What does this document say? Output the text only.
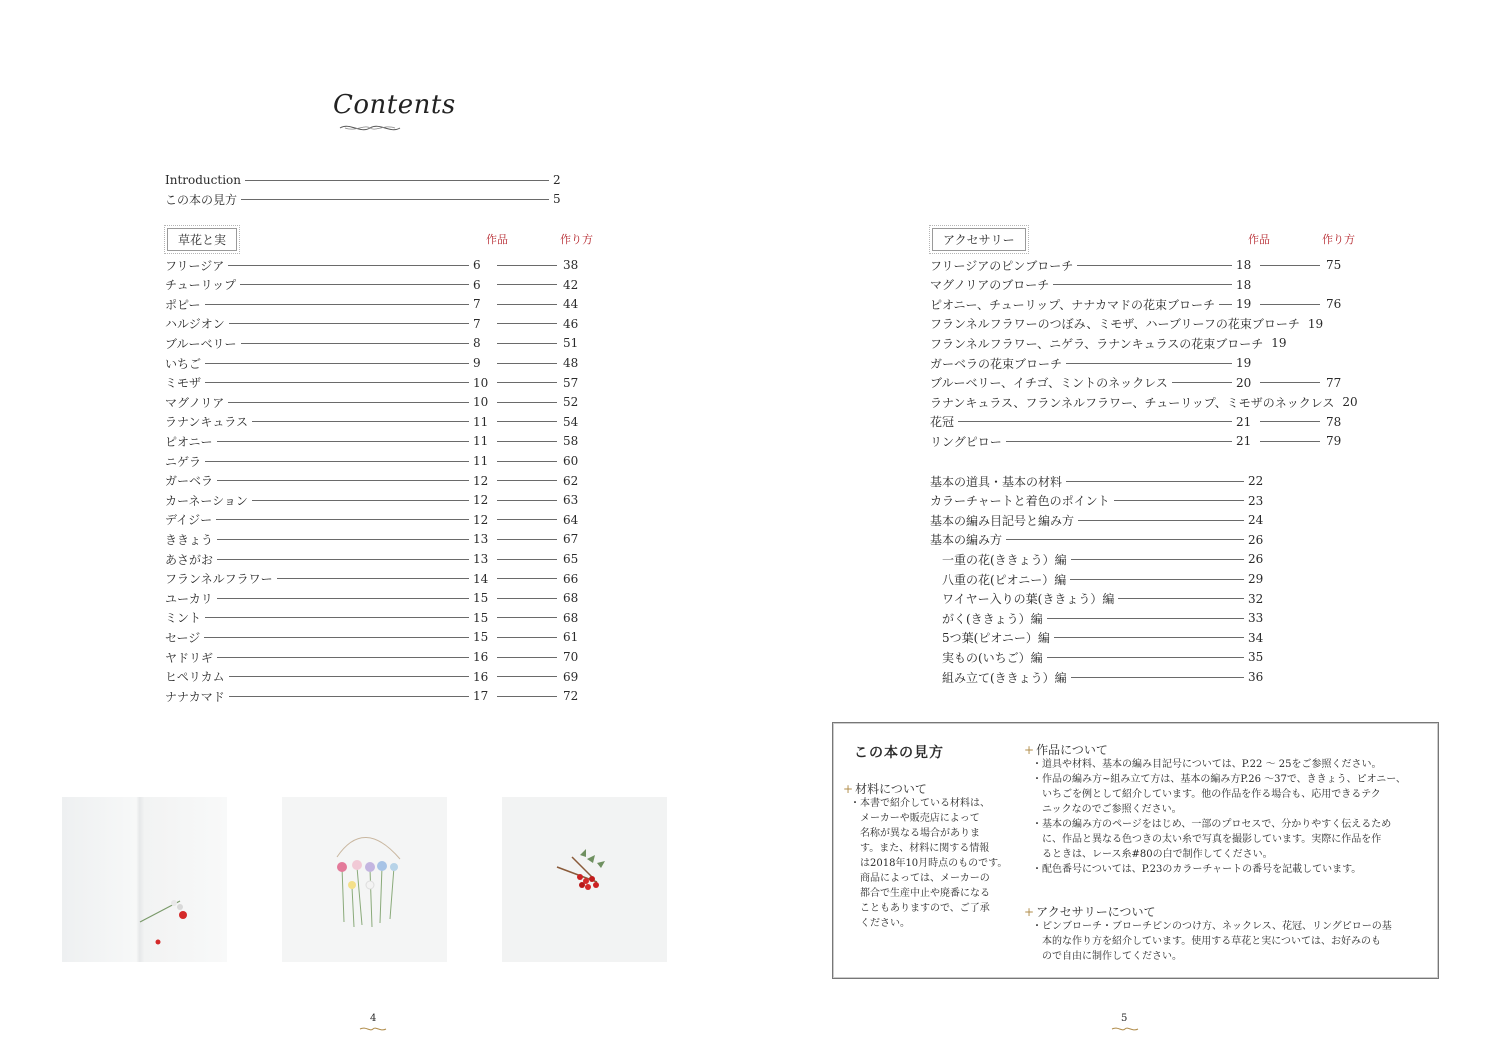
Contents
Introduction	2
この本の見方	5
草花と実	作品	作り方
フリージア	6	38
チューリップ	6	42
ポピー	7	44
ハルジオン	7	46
ブルーベリー	8	51
いちご	9	48
ミモザ	10	57
マグノリア	10	52
ラナンキュラス	11	54
ピオニー	11	58
ニゲラ	11	60
ガーベラ	12	62
カーネーション	12	63
デイジー	12	64
ききょう	13	67
あさがお	13	65
フランネルフラワー	14	66
ユーカリ	15	68
ミント	15	68
セージ	15	61
ヤドリギ	16	70
ヒペリカム	16	69
ナナカマド	17	72
アクセサリー	作品	作り方
フリージアのピンブローチ	18	75
マグノリアのブローチ	18
ピオニー、チューリップ、ナナカマドの花束ブローチ 19	76
フランネルフラワーのつぼみ、ミモザ、ハーブリーフの花束ブローチ 19
フランネルフラワー、ニゲラ、ラナンキュラスの花束ブローチ 19
ガーベラの花束ブローチ	19
ブルーベリー、イチゴ、ミントのネックレス	20	77
ラナンキュラス、フランネルフラワー、チューリップ、ミモザのネックレス 20
花冠	21	78
リングピロー	21	79
基本の道具・基本の材料	22
カラーチャートと着色のポイント	23
基本の編み目記号と編み方	24
基本の編み方	26
一重の花(ききょう）編	26
八重の花(ピオニー）編	29
ワイヤー入りの葉(ききょう）編	32
がく(ききょう）編	33
5つ葉(ピオニー）編	34
実もの(いちご）編	35
組み立て(ききょう）編	36
この本の見方
+ 材料について
・本書で紹介している材料は、
　メーカーや販売店によって
　名称が異なる場合がありま
　す。また、材料に関する情報
　は2018年10月時点のものです。
　商品によっては、メーカーの
　都合で生産中止や廃番になる
　こともありますので、ご了承
　ください。
+ 作品について
・道具や材料、基本の編み目記号については、P.22 ～ 25をご参照ください。
・作品の編み方~組み立て方は、基本の編み方P.26 ～37で、ききょう、ピオニー、
　いちごを例として紹介しています。他の作品を作る場合も、応用できるテク
　ニックなのでご参照ください。
・基本の編み方のページをはじめ、一部のプロセスで、分かりやすく伝えるため
　に、作品と異なる色つきの太い糸で写真を撮影しています。実際に作品を作
　るときは、レース糸#80の白で制作してください。
・配色番号については、P.23のカラーチャートの番号を記載しています。
+ アクセサリーについて
・ピンブローチ・ブローチピンのつけ方、ネックレス、花冠、リングピローの基
　本的な作り方を紹介しています。使用する草花と実については、お好みのも
　ので自由に制作してください。
4	5
